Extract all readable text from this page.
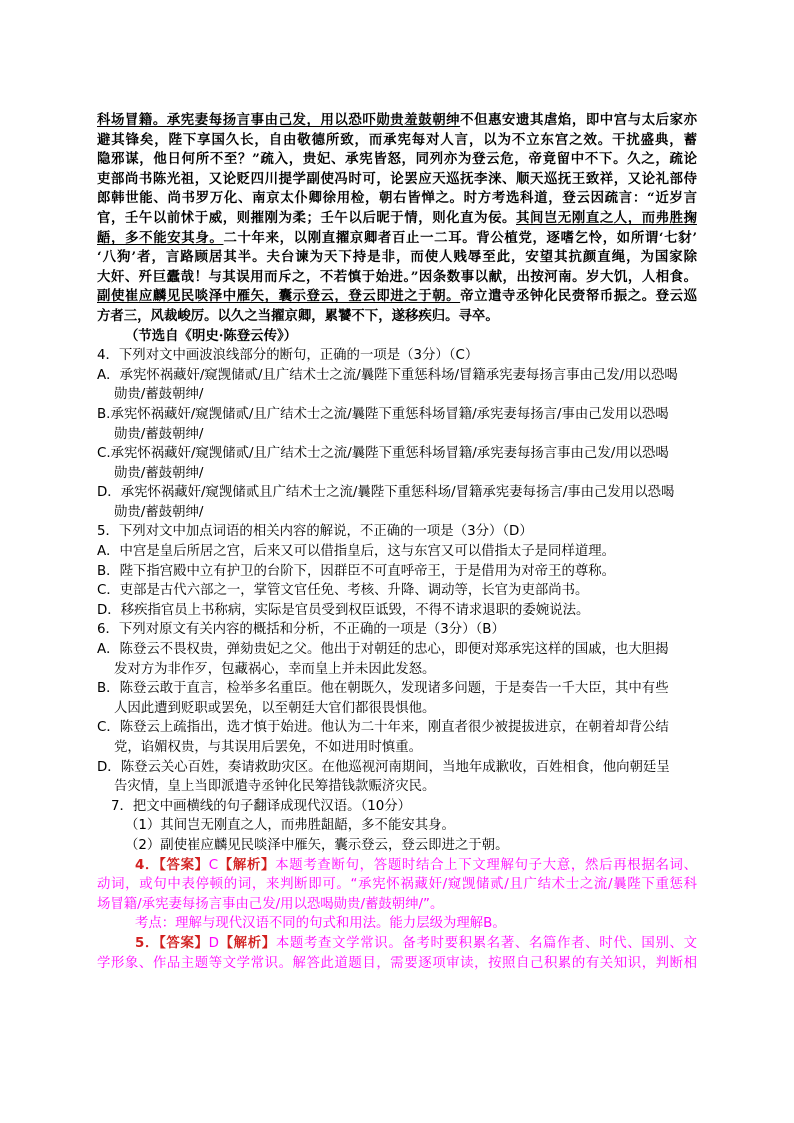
科场冒籍。承宪妻每扬言事由己发，用以恐吓勋贵羞鼓朝绅不但惠安遗其虐焰，即中宫与太后家亦
避其锋矣，陛下享国久长，自由敬德所致，而承宪每对人言，以为不立东宫之效。干扰盛典，蓄
隐邪谋，他日何所不至？”疏入，贵妃、承宪皆怒，同列亦为登云危，帝竟留中不下。久之，疏论
吏部尚书陈光祖，又论贬四川提学副使冯时可，论罢应天巡抚李涞、顺天巡抚王致祥，又论礼部侍
郎韩世能、尚书罗万化、南京太仆卿徐用检，朝右皆惮之。时方考选科道，登云因疏言：“近岁言
官，壬午以前怵于威，则摧刚为柔；壬午以后昵于情，则化直为佞。其间岂无刚直之人，而弗胜掬
龉，多不能安其身。二十年来，以刚直擢京卿者百止一二耳。背公植党，逐嗜乞怜，如所谓‘七豺’
‘八狗’者，言路顾居其半。夫台谏为天下持是非，而使人贱辱至此，安望其抗颜直绳，为国家除
大奸、歼巨蠹哉！与其误用而斥之，不若慎于始进。”因条数事以献，出按河南。岁大饥，人相食。
副使崔应麟见民啖泽中雁矢，囊示登云，登云即进之于朝。帝立遣寺丞钟化民赍帑币振之。登云巡
方者三，风裁峻厉。以久之当擢京卿，累饕不下，遂移疾归。寻卒。
（节选自《明史·陈登云传》）
4．下列对文中画波浪线部分的断句，正确的一项是（3分）（C）
A．承宪怀祸藏奸/窥觊储贰/且广结术士之流/曩陛下重惩科场/冒籍承宪妻每扬言事由己发/用以恐喝
勋贵/蓄鼓朝绅/
B.承宪怀祸藏奸/窥觊储贰/且广结术士之流/曩陛下重惩科场冒籍/承宪妻每扬言/事由己发用以恐喝
勋贵/蓄鼓朝绅/
C.承宪怀祸藏奸/窥觊储贰/且广结术士之流/曩陛下重惩科场冒籍/承宪妻每扬言事由己发/用以恐喝
勋贵/蓄鼓朝绅/
D．承宪怀祸藏奸/窥觊储贰且广结术士之流/曩陛下重惩科场/冒籍承宪妻每扬言/事由己发用以恐喝
勋贵/蓄鼓朝绅/
5．下列对文中加点词语的相关内容的解说，不正确的一项是（3分）（D）
A．中宫是皇后所居之宫，后来又可以借指皇后，这与东宫又可以借指太子是同样道理。
B．陛下指宫殿中立有护卫的台阶下，因群臣不可直呼帝王，于是借用为对帝王的尊称。
C．吏部是古代六部之一，掌管文官任免、考核、升降、调动等，长官为吏部尚书。
D．移疾指官员上书称病，实际是官员受到权臣诋毁，不得不请求退职的委婉说法。
6．下列对原文有关内容的概括和分析，不正确的一项是（3分）（B）
A．陈登云不畏权贵，弹劾贵妃之父。他出于对朝廷的忠心，即便对郑承宪这样的国戚，也大胆揭
发对方为非作歹，包藏祸心，幸而皇上并未因此发怒。
B．陈登云敢于直言，检举多名重臣。他在朝既久，发现诸多问题，于是奏告一千大臣，其中有些
人因此遭到贬职或罢免，以至朝廷大官们都很畏惧他。
C．陈登云上疏指出，选才慎于始进。他认为二十年来，刚直者很少被提拔进京，在朝着却背公结
党，谄媚权贵，与其误用后罢免，不如进用时慎重。
D．陈登云关心百姓，奏请救助灾区。在他巡视河南期间，当地年成歉收，百姓相食，他向朝廷呈
告灾情，皇上当即派遣寺丞钟化民筹措钱款赈济灾民。
7．把文中画横线的句子翻译成现代汉语。（10分）
（1）其间岂无刚直之人，而弗胜龃龉，多不能安其身。
（2）副使崔应麟见民啖泽中雁矢，囊示登云，登云即进之于朝。
4．【答案】C【解析】本题考查断句，答题时结合上下文理解句子大意，然后再根据名词、
动词，或句中表停顿的词，来判断即可。“承宪怀祸藏奸/窥觊储贰/且广结术士之流/曩陛下重惩科
场冒籍/承宪妻每扬言事由己发/用以恐喝勋贵/蓄鼓朝绅/”。
考点：理解与现代汉语不同的句式和用法。能力层级为理解B。
5．【答案】D【解析】本题考查文学常识。备考时要积累名著、名篇作者、时代、国别、文
学形象、作品主题等文学常识。解答此道题目，需要逐项审读，按照自己积累的有关知识，判断相
